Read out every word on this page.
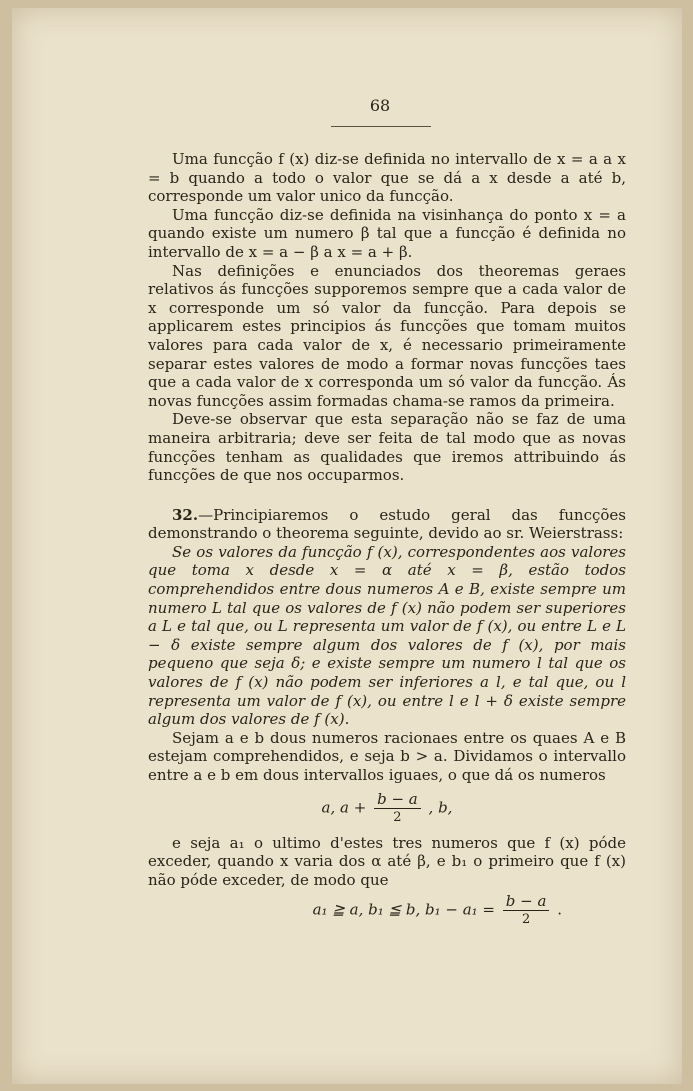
68

Uma funcção f (x) diz-se definida no intervallo de x = a a x = b quando a todo o valor que se dá a x desde a até b, corresponde um valor unico da funcção.

Uma funcção diz-se definida na visinhança do ponto x = a quando existe um numero β tal que a funcção é definida no intervallo de x = a − β a x = a + β.

Nas definições e enunciados dos theoremas geraes relativos ás funcções supporemos sempre que a cada valor de x corresponde um só valor da funcção. Para depois se applicarem estes principios ás funcções que tomam muitos valores para cada valor de x, é necessario primeiramente separar estes valores de modo a formar novas funcções taes que a cada valor de x corresponda um só valor da funcção. Ás novas funcções assim formadas chama-se ramos da primeira.

Deve-se observar que esta separação não se faz de uma maneira arbitraria; deve ser feita de tal modo que as novas funcções tenham as qualidades que iremos attribuindo ás funcções de que nos occuparmos.

32.—Principiaremos o estudo geral das funcções demonstrando o theorema seguinte, devido ao sr. Weierstrass:

Se os valores da funcção f (x), correspondentes aos valores que toma x desde x = α até x = β, estão todos comprehendidos entre dous numeros A e B, existe sempre um numero L tal que os valores de f (x) não podem ser superiores a L e tal que, ou L representa um valor de f (x), ou entre L e L − δ existe sempre algum dos valores de f (x), por mais pequeno que seja δ; e existe sempre um numero l tal que os valores de f (x) não podem ser inferiores a l, e tal que, ou l representa um valor de f (x), ou entre l e l + δ existe sempre algum dos valores de f (x).

Sejam a e b dous numeros racionaes entre os quaes A e B estejam comprehendidos, e seja b > a. Dividamos o intervallo entre a e b em dous intervallos iguaes, o que dá os numeros

a, $a + \frac{b - a}{2}$ , b,

e seja a₁ o ultimo d'estes tres numeros que f (x) póde exceder, quando x varia dos α até β, e b₁ o primeiro que f (x) não póde exceder, de modo que

a₁ ≧ a, b₁ ≦ b, $b_1 - a_1 = \frac{b - a}{2}$ .
